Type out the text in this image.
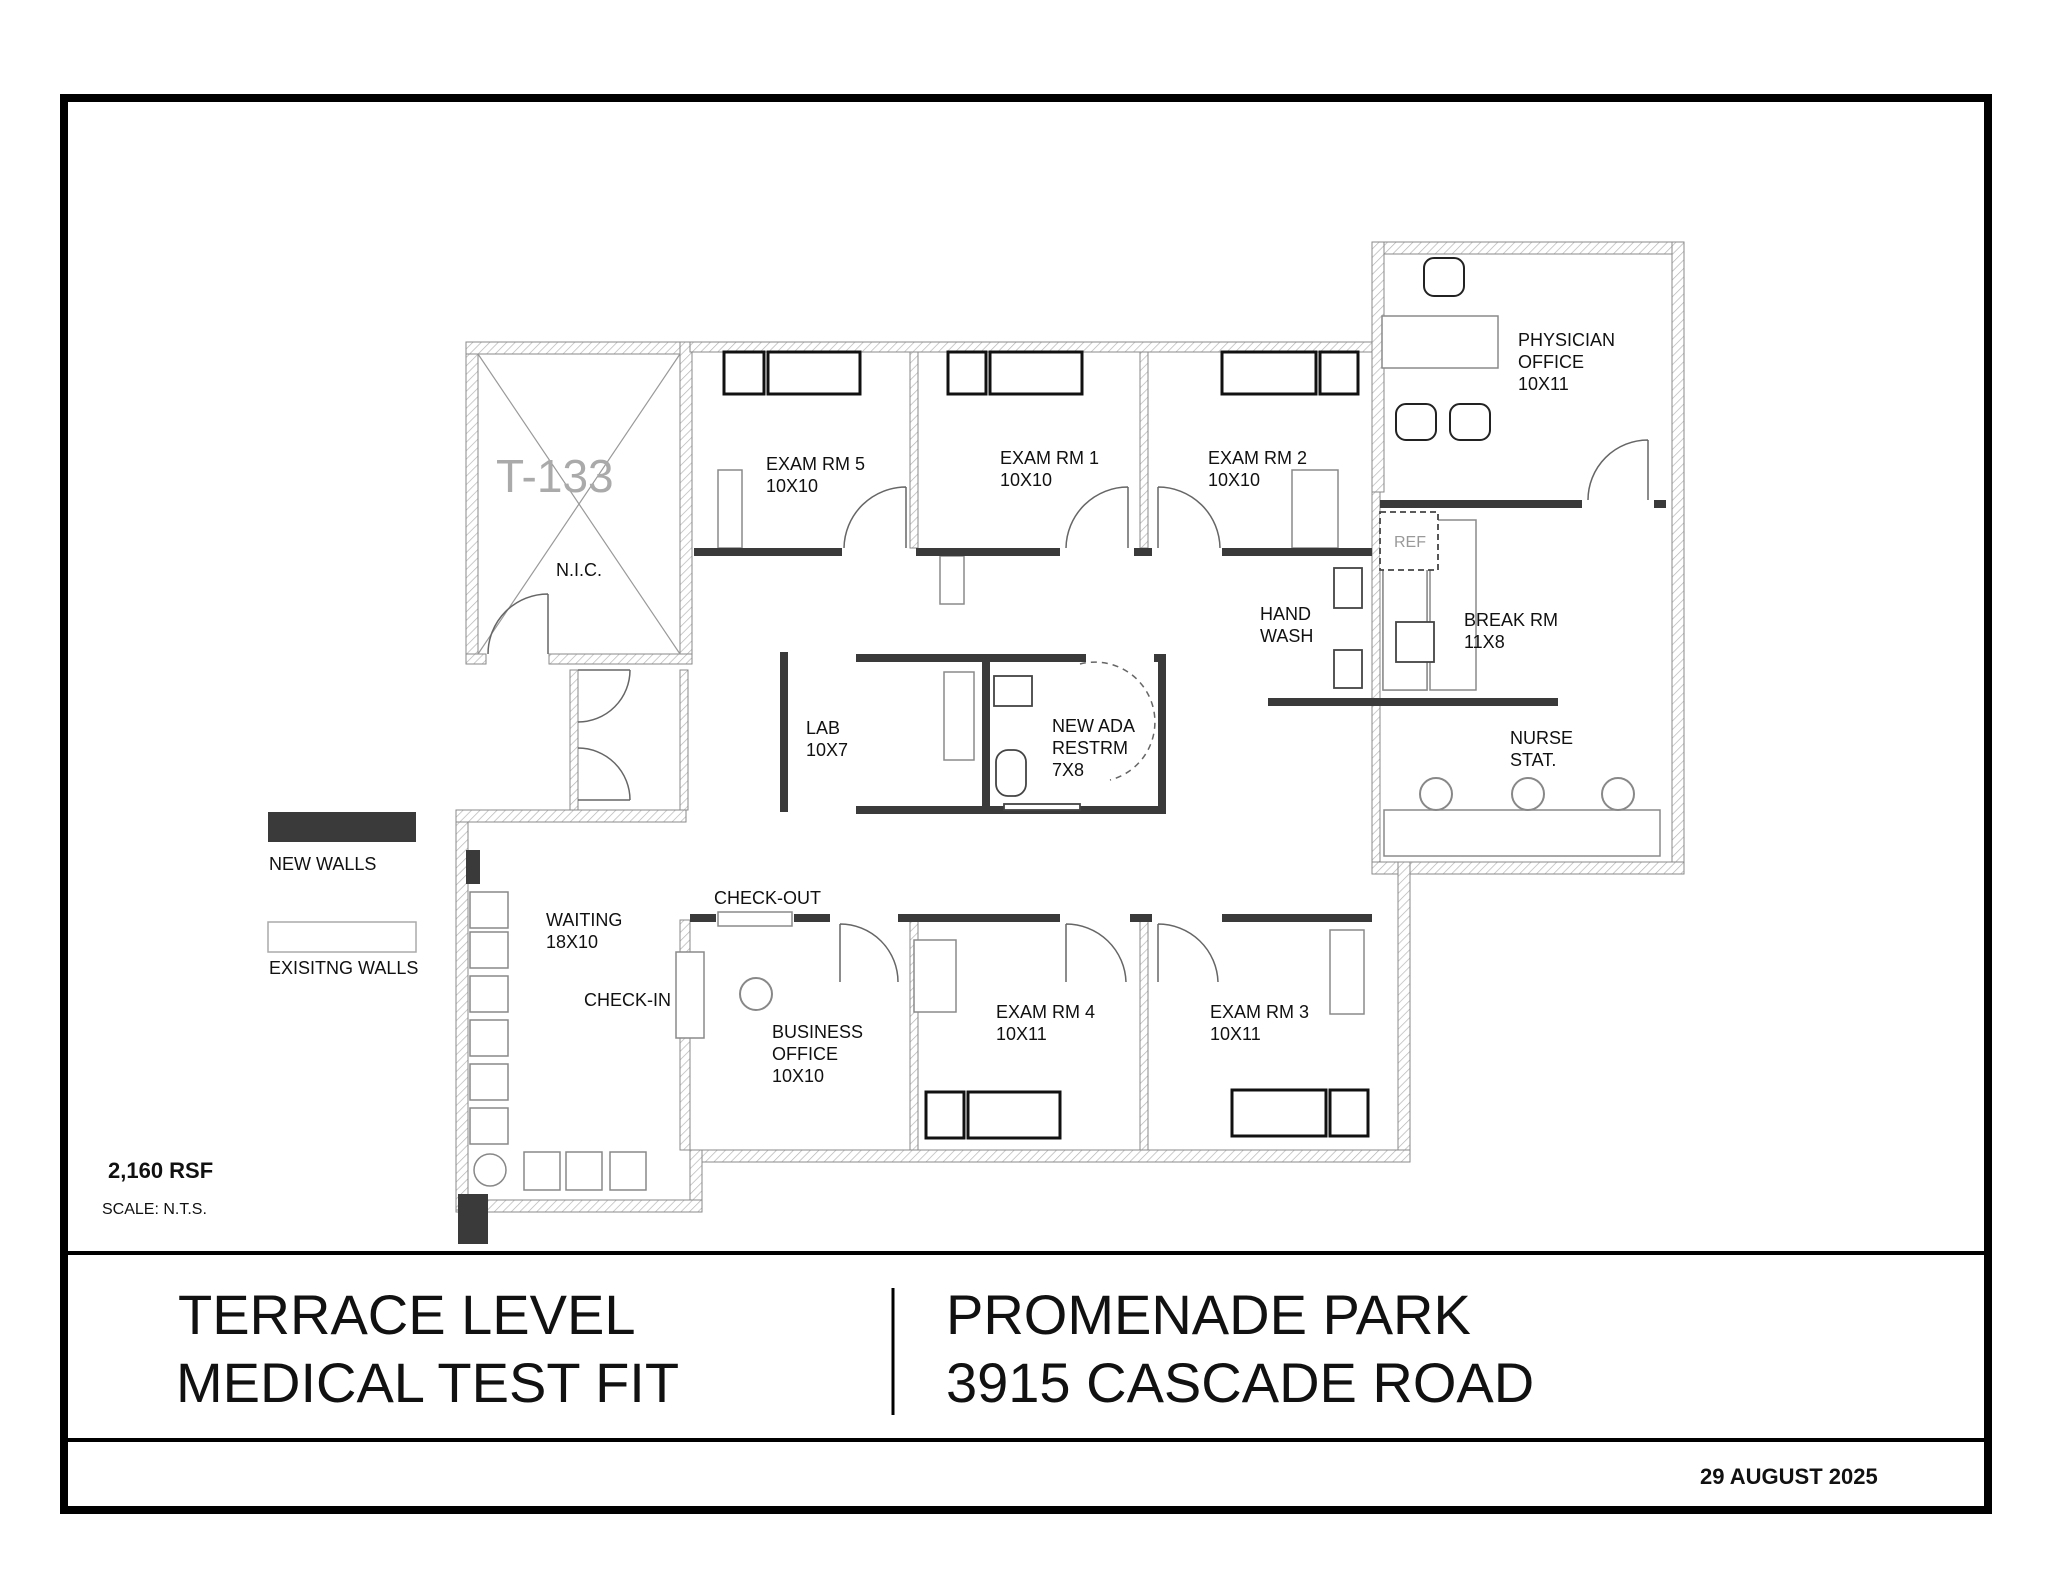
NEW WALLS
EXISITNG WALLS
2,160 RSF
SCALE: N.T.S.
T-133
N.I.C.
EXAM RM 5
10X10
EXAM RM 1
10X10
EXAM RM 2
10X10
PHYSICIAN
OFFICE
10X11
REF
HAND
WASH
BREAK RM
11X8
LAB
10X7
NEW ADA
RESTRM
7X8
NURSE
STAT.
WAITING
18X10
CHECK-OUT
CHECK-IN
BUSINESS
OFFICE
10X10
EXAM RM 4
10X11
EXAM RM 3
10X11
TERRACE LEVEL
MEDICAL TEST FIT
PROMENADE PARK
3915 CASCADE ROAD
29 AUGUST 2025
